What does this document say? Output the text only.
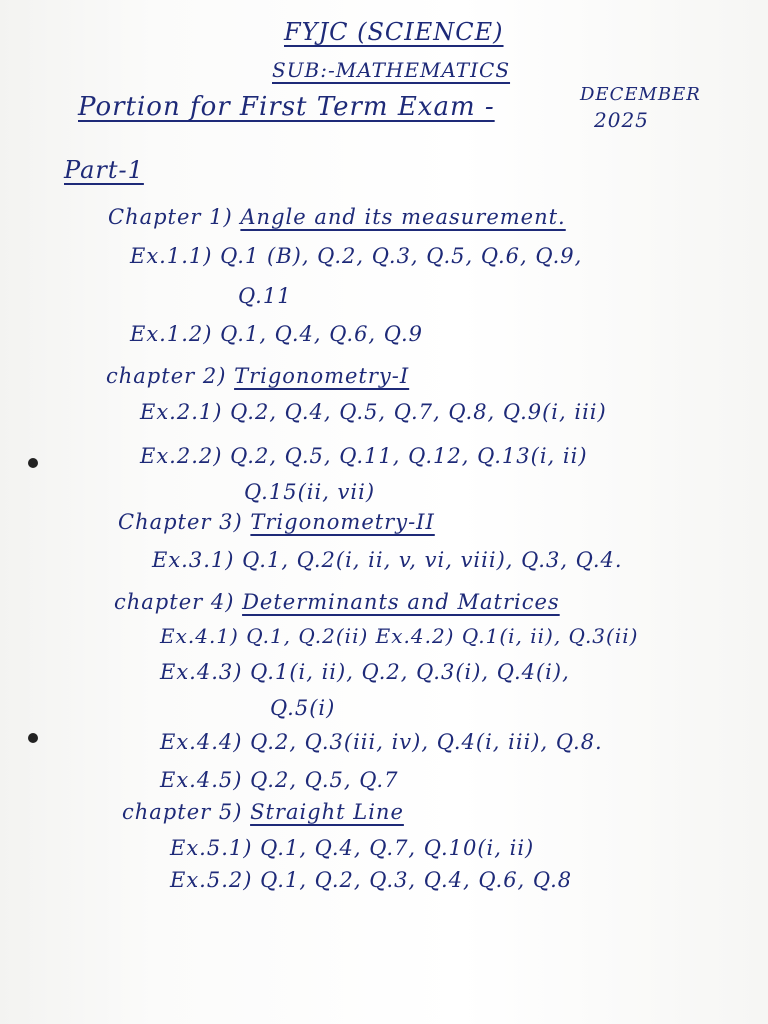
FYJC (SCIENCE)
SUB:-MATHEMATICS
Portion for First Term Exam -	DECEMBER
2025
Part-1
Chapter 1) Angle and its measurement.
Ex.1.1) Q.1 (B), Q.2, Q.3, Q.5, Q.6, Q.9,
Q.11
Ex.1.2) Q.1, Q.4, Q.6, Q.9
chapter 2) Trigonometry-I
Ex.2.1) Q.2, Q.4, Q.5, Q.7, Q.8, Q.9(i, iii)
Ex.2.2) Q.2, Q.5, Q.11, Q.12, Q.13(i, ii)
Q.15(ii, vii)
Chapter 3) Trigonometry-II
Ex.3.1) Q.1, Q.2(i, ii, v, vi, viii), Q.3, Q.4.
chapter 4) Determinants and Matrices
Ex.4.1) Q.1, Q.2(ii) Ex.4.2) Q.1(i, ii), Q.3(ii)
Ex.4.3) Q.1(i, ii), Q.2, Q.3(i), Q.4(i),
Q.5(i)
Ex.4.4) Q.2, Q.3(iii, iv), Q.4(i, iii), Q.8.
Ex.4.5) Q.2, Q.5, Q.7
chapter 5) Straight Line
Ex.5.1) Q.1, Q.4, Q.7, Q.10(i, ii)
Ex.5.2) Q.1, Q.2, Q.3, Q.4, Q.6, Q.8
